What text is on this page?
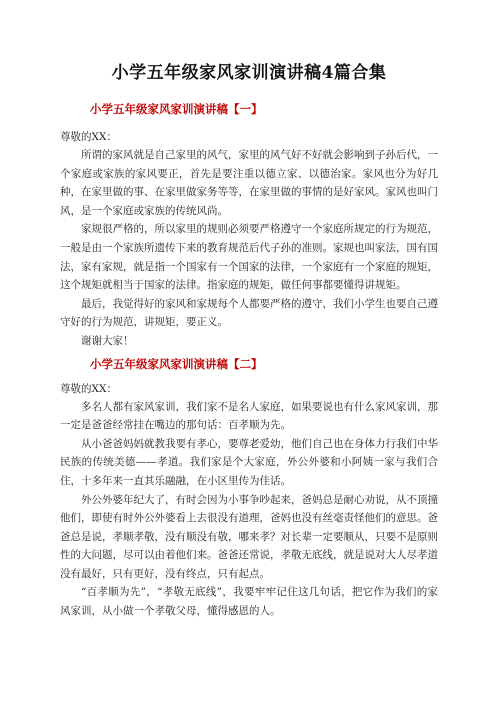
小学五年级家风家训演讲稿4篇合集
小学五年级家风家训演讲稿【一】

尊敬的XX：

所谓的家风就是自己家里的风气，家里的风气好不好就会影响到子孙后代，一个家庭或家族的家风要正，首先是要注重以德立家、以德治家。家风也分为好几种，在家里做的事、在家里做家务等等，在家里做的事情的是好家风。家风也叫门风，是一个家庭或家族的传统风尚。

家规很严格的，所以家里的规则必须要严格遵守一个家庭所规定的行为规范，一般是由一个家族所遗传下来的教育规范后代子孙的准则。家规也叫家法，国有国法，家有家规，就是指一个国家有一个国家的法律，一个家庭有一个家庭的规矩，这个规矩就相当于国家的法律。指家庭的规矩，做任何事都要懂得讲规矩。

最后，我觉得好的家风和家规每个人都要严格的遵守，我们小学生也要自己遵守好的行为规范，讲规矩，要正义。

谢谢大家！

小学五年级家风家训演讲稿【二】

尊敬的XX：

多名人都有家风家训，我们家不是名人家庭，如果要说也有什么家风家训，那一定是爸爸经常挂在嘴边的那句话：百孝顺为先。

从小爸爸妈妈就教我要有孝心，要尊老爱幼，他们自己也在身体力行我们中华民族的传统美德——孝道。我们家是个大家庭，外公外婆和小阿姨一家与我们合住，十多年来一直其乐融融，在小区里传为佳话。

外公外婆年纪大了，有时会因为小事争吵起来，爸妈总是耐心劝说，从不顶撞他们，即使有时外公外婆看上去很没有道理，爸妈也没有丝毫责怪他们的意思。爸爸总是说，孝顺孝敬，没有顺没有敬，哪来孝？对长辈一定要顺从，只要不是原则性的大问题，尽可以由着他们来。爸爸还常说，孝敬无底线，就是说对大人尽孝道没有最好，只有更好，没有终点，只有起点。

“百孝顺为先”，“孝敬无底线”，我要牢牢记住这几句话，把它作为我们的家风家训，从小做一个孝敬父母，懂得感恩的人。
